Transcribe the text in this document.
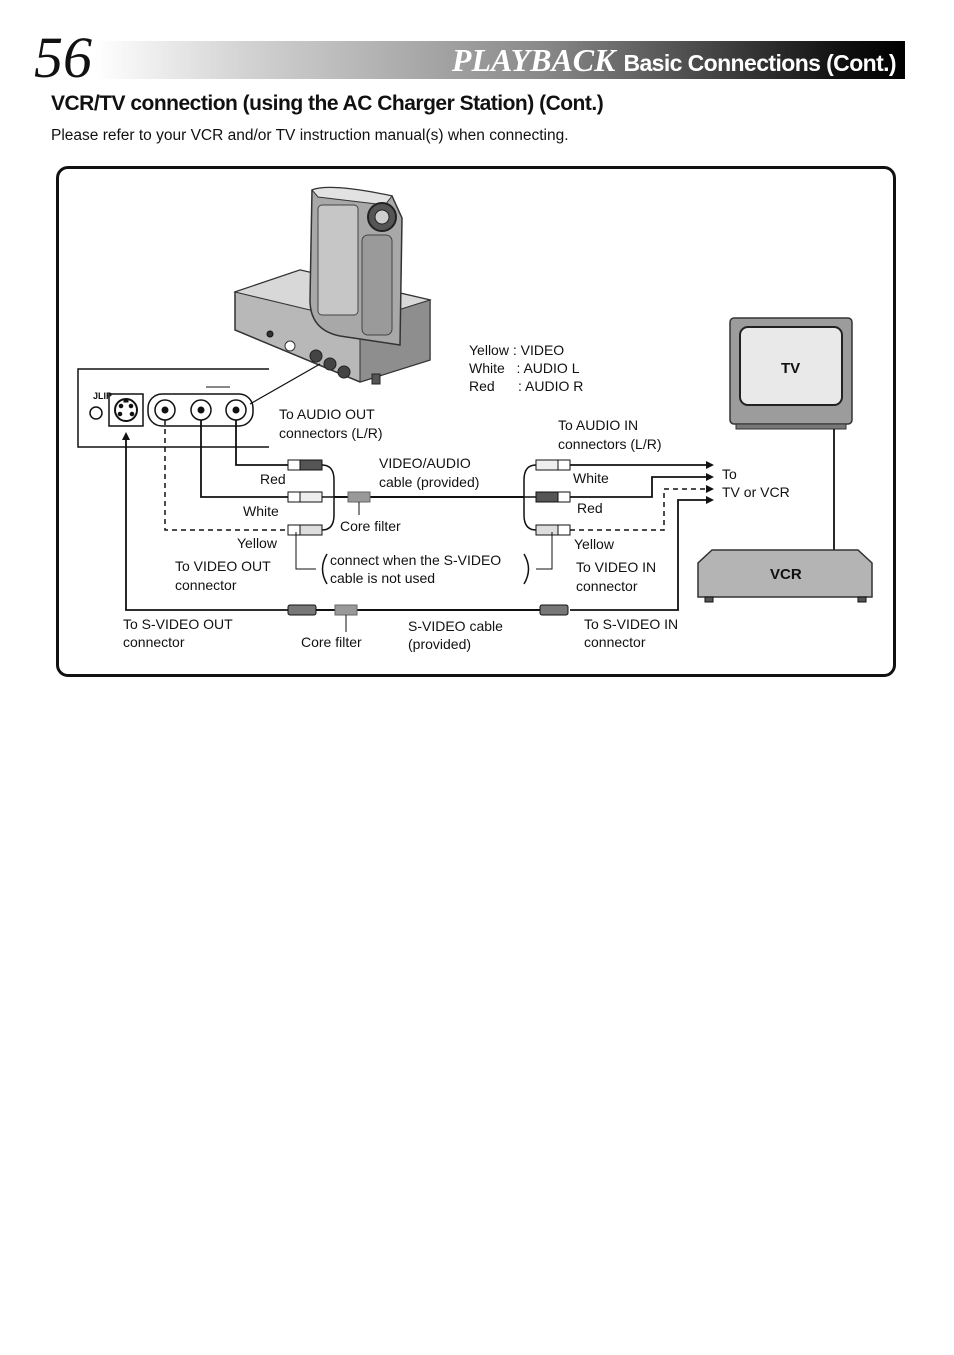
56	PLAYBACK Basic Connections (Cont.)
VCR/TV connection (using the AC Charger Station) (Cont.)
Please refer to your VCR and/or TV instruction manual(s) when connecting.
JLIP
Yellow : VIDEO
White   : AUDIO L
Red      : AUDIO R
To AUDIO OUT
connectors (L/R)
Red
White
Yellow
To VIDEO OUT
connector
To S-VIDEO OUT
connector
VIDEO/AUDIO
cable (provided)
Core filter
connect when the S-VIDEO
cable is not used
Core filter
S-VIDEO cable
(provided)
To AUDIO IN
connectors (L/R)
White
Red
Yellow
To VIDEO IN
connector
To S-VIDEO IN
connector
To
TV or VCR
TV
VCR
